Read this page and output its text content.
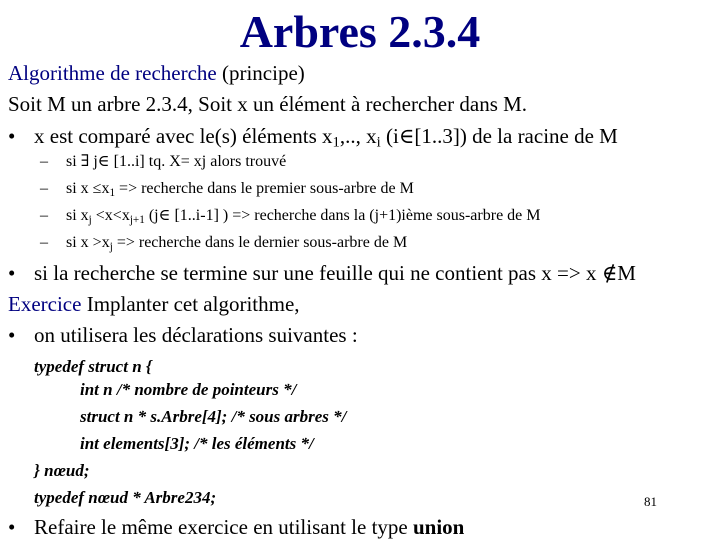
Arbres 2.3.4
Algorithme de recherche (principe)
Soit M un arbre 2.3.4, Soit x un élément à rechercher dans M.
• x est comparé avec le(s) éléments $x_1$,.., $x_i$ (i∈[1..3]) de la racine de M
– si ∃ j∈ [1..i] tq. X= xj alors trouvé
– si $x \le x_1$ => recherche dans le premier sous-arbre de M
– si $x_j <x<x_{j+1}$ (j∈ [1..i-1] ) => recherche dans la (j+1)ième sous-arbre de M
– si $x >x_j$ => recherche dans le dernier sous-arbre de M
• si la recherche se termine sur une feuille qui ne contient pas x => x ∉M
Exercice Implanter cet algorithme,
• on utilisera les déclarations suivantes :
typedef struct n {
int n /* nombre de pointeurs */
struct n * s.Arbre[4]; /* sous arbres */
int elements[3]; /* les éléments */
} nœud;
typedef nœud * Arbre234;	81
• Refaire le même exercice en utilisant le type union
